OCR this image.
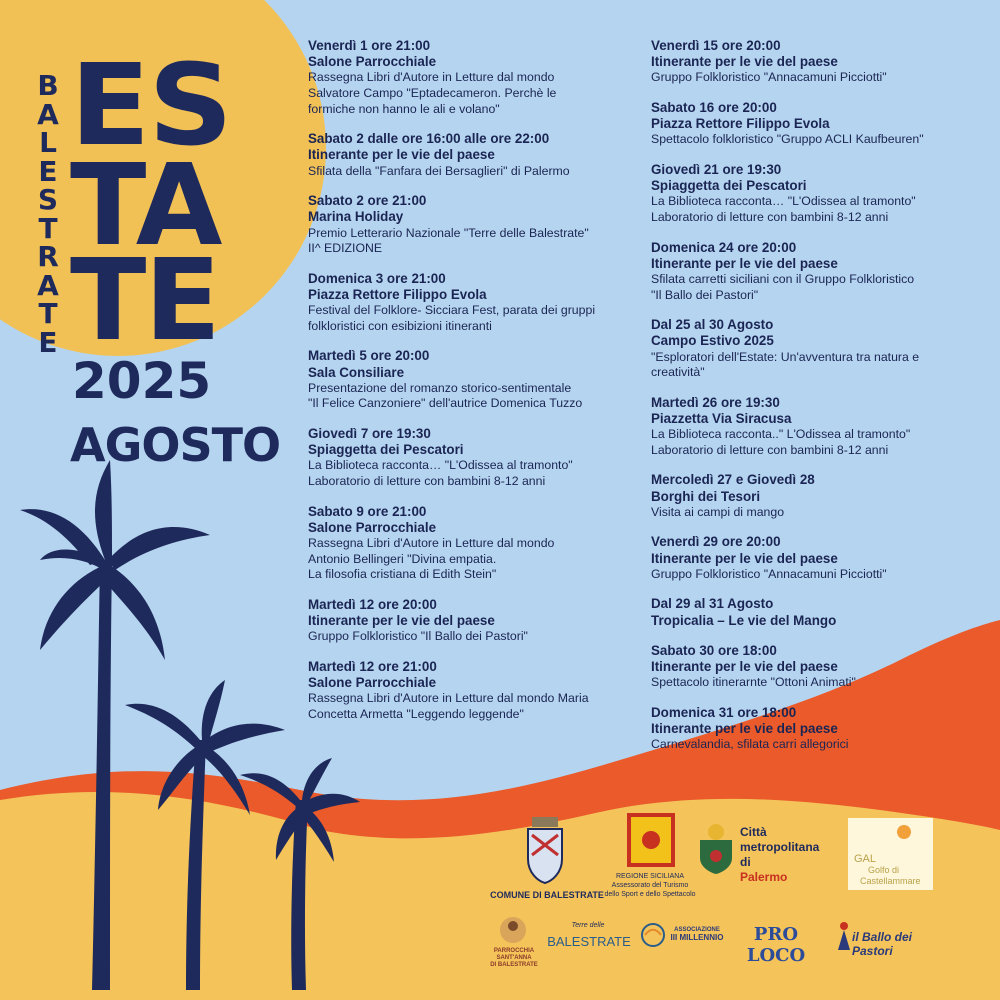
B
A
L
E
S
T
R
A
T
E
ES
TA
TE
2025
AGOSTO
Venerdì 1 ore 21:00
Salone Parrocchiale
Rassegna Libri d'Autore in Letture dal mondo
Salvatore Campo "Eptadecameron. Perchè le
formiche non hanno le ali e volano"
Sabato 2 dalle ore 16:00 alle ore 22:00
Itinerante per le vie del paese
Sfilata della "Fanfara dei Bersaglieri" di Palermo
Sabato 2 ore 21:00
Marina Holiday
Premio Letterario Nazionale "Terre delle Balestrate"
II^ EDIZIONE
Domenica 3 ore 21:00
Piazza Rettore Filippo Evola
Festival del Folklore- Sicciara Fest, parata dei gruppi
folkloristici con esibizioni itineranti
Martedì 5 ore 20:00
Sala Consiliare
Presentazione del romanzo storico-sentimentale
"Il Felice Canzoniere" dell'autrice Domenica Tuzzo
Giovedì 7 ore 19:30
Spiaggetta dei Pescatori
La Biblioteca racconta… "L'Odissea al tramonto"
Laboratorio di letture con bambini 8-12 anni
Sabato 9 ore 21:00
Salone Parrocchiale
Rassegna Libri d'Autore in Letture dal mondo
Antonio Bellingeri "Divina empatia.
La filosofia cristiana di Edith Stein"
Martedì 12 ore 20:00
Itinerante per le vie del paese
Gruppo Folkloristico "Il Ballo dei Pastori"
Martedì 12 ore 21:00
Salone Parrocchiale
Rassegna Libri d'Autore in Letture dal mondo Maria
Concetta Armetta "Leggendo leggende"
Venerdì 15 ore 20:00
Itinerante per le vie del paese
Gruppo Folkloristico "Annacamuni Picciotti"
Sabato 16 ore 20:00
Piazza Rettore Filippo Evola
Spettacolo folkloristico "Gruppo ACLI Kaufbeuren"
Giovedì 21 ore 19:30
Spiaggetta dei Pescatori
La Biblioteca racconta… "L'Odissea al tramonto"
Laboratorio di letture con bambini 8-12 anni
Domenica 24 ore 20:00
Itinerante per le vie del paese
Sfilata carretti siciliani con il Gruppo Folkloristico
"Il Ballo dei Pastori"
Dal 25 al 30 Agosto
Campo Estivo 2025
"Esploratori dell'Estate: Un'avventura tra natura e
creatività"
Martedì 26 ore 19:30
Piazzetta Via Siracusa
La Biblioteca racconta.." L'Odissea al tramonto"
Laboratorio di letture con bambini 8-12 anni
Mercoledì 27 e Giovedì 28
Borghi dei Tesori
Visita ai campi di mango
Venerdì 29 ore 20:00
Itinerante per le vie del paese
Gruppo Folkloristico "Annacamuni Picciotti"
Dal 29 al 31 Agosto
Tropicalia – Le vie del Mango
Sabato 30 ore 18:00
Itinerante per le vie del paese
Spettacolo itinerarnte "Ottoni Animati"
Domenica 31 ore 18:00
Itinerante per le vie del paese
Carnevalandia, sfilata carri allegorici
COMUNE DI BALESTRATE
REGIONE SICILIANA
Assessorato del Turismo
dello Sport e dello Spettacolo
Città
metropolitana di
Palermo
GAL
Golfo di
Castellammare
PARROCCHIA
SANT'ANNA
DI BALESTRATE
Terre delle
BALESTRATE
ASSOCIAZIONE
III MILLENNIO	PRO LOCO
il Ballo dei Pastori
